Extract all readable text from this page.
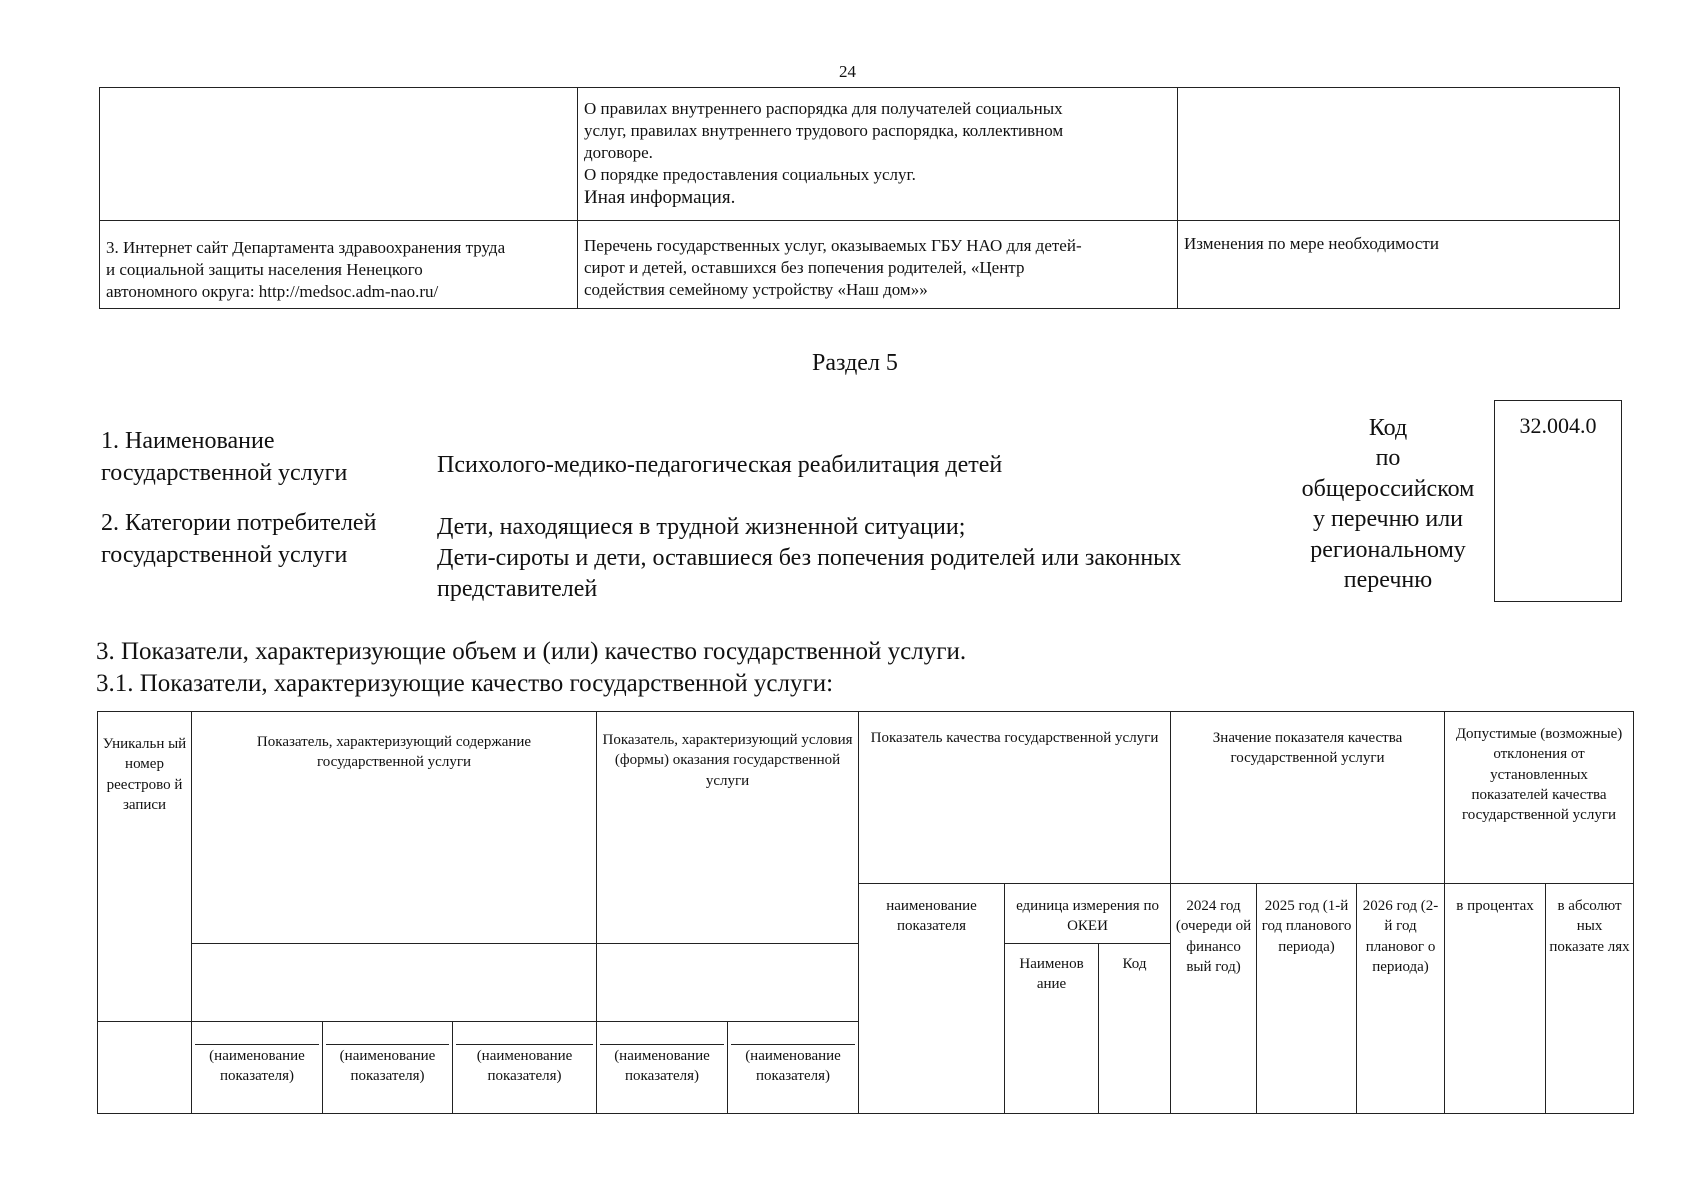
24

	О правилах внутреннего распорядка для получателей социальных
услуг, правилах внутреннего трудового распорядка, коллективном
договоре.
О порядке предоставления социальных услуг.
Иная информация.	

3. Интернет сайт Департамента здравоохранения труда
и социальной защиты населения Ненецкого
автономного округа: http://medsoc.adm-nao.ru/	Перечень государственных услуг, оказываемых ГБУ НАО для детей-
сирот и детей, оставшихся без попечения родителей, «Центр
содействия семейному устройству «Наш дом»»	Изменения по мере необходимости
Раздел 5
1. Наименование
государственной услуги	Психолого-медико-педагогическая реабилитация детей
2. Категории потребителей
государственной услуги
Дети, находящиеся в трудной жизненной ситуации;
Дети-сироты и дети, оставшиеся без попечения родителей или законных
представителей
Код
по
общероссийском
у перечню или
региональному
перечню
32.004.0
3. Показатели, характеризующие объем и (или) качество государственной услуги.
3.1. Показатели, характеризующие качество государственной услуги:
Уникальн ый номер реестрово й записи	Показатель, характеризующий содержание государственной услуги			Показатель, характеризующий условия (формы) оказания государственной услуги		Показатель качества государственной услуги			Значение показателя качества государственной услуги			Допустимые (возможные) отклонения от установленных показателей качества государственной услуги	
						наименование показателя	единица измерения по ОКЕИ		2024 год (очереди ой финансо вый год)	2025 год (1-й год планового периода)	2026 год (2-й год плановог о периода)	в процентах	в абсолют ных показате лях
							Наименов ание	Код					
	(наименование показателя)	(наименование показателя)	(наименование показателя)	(наименование показателя)	(наименование показателя)								
